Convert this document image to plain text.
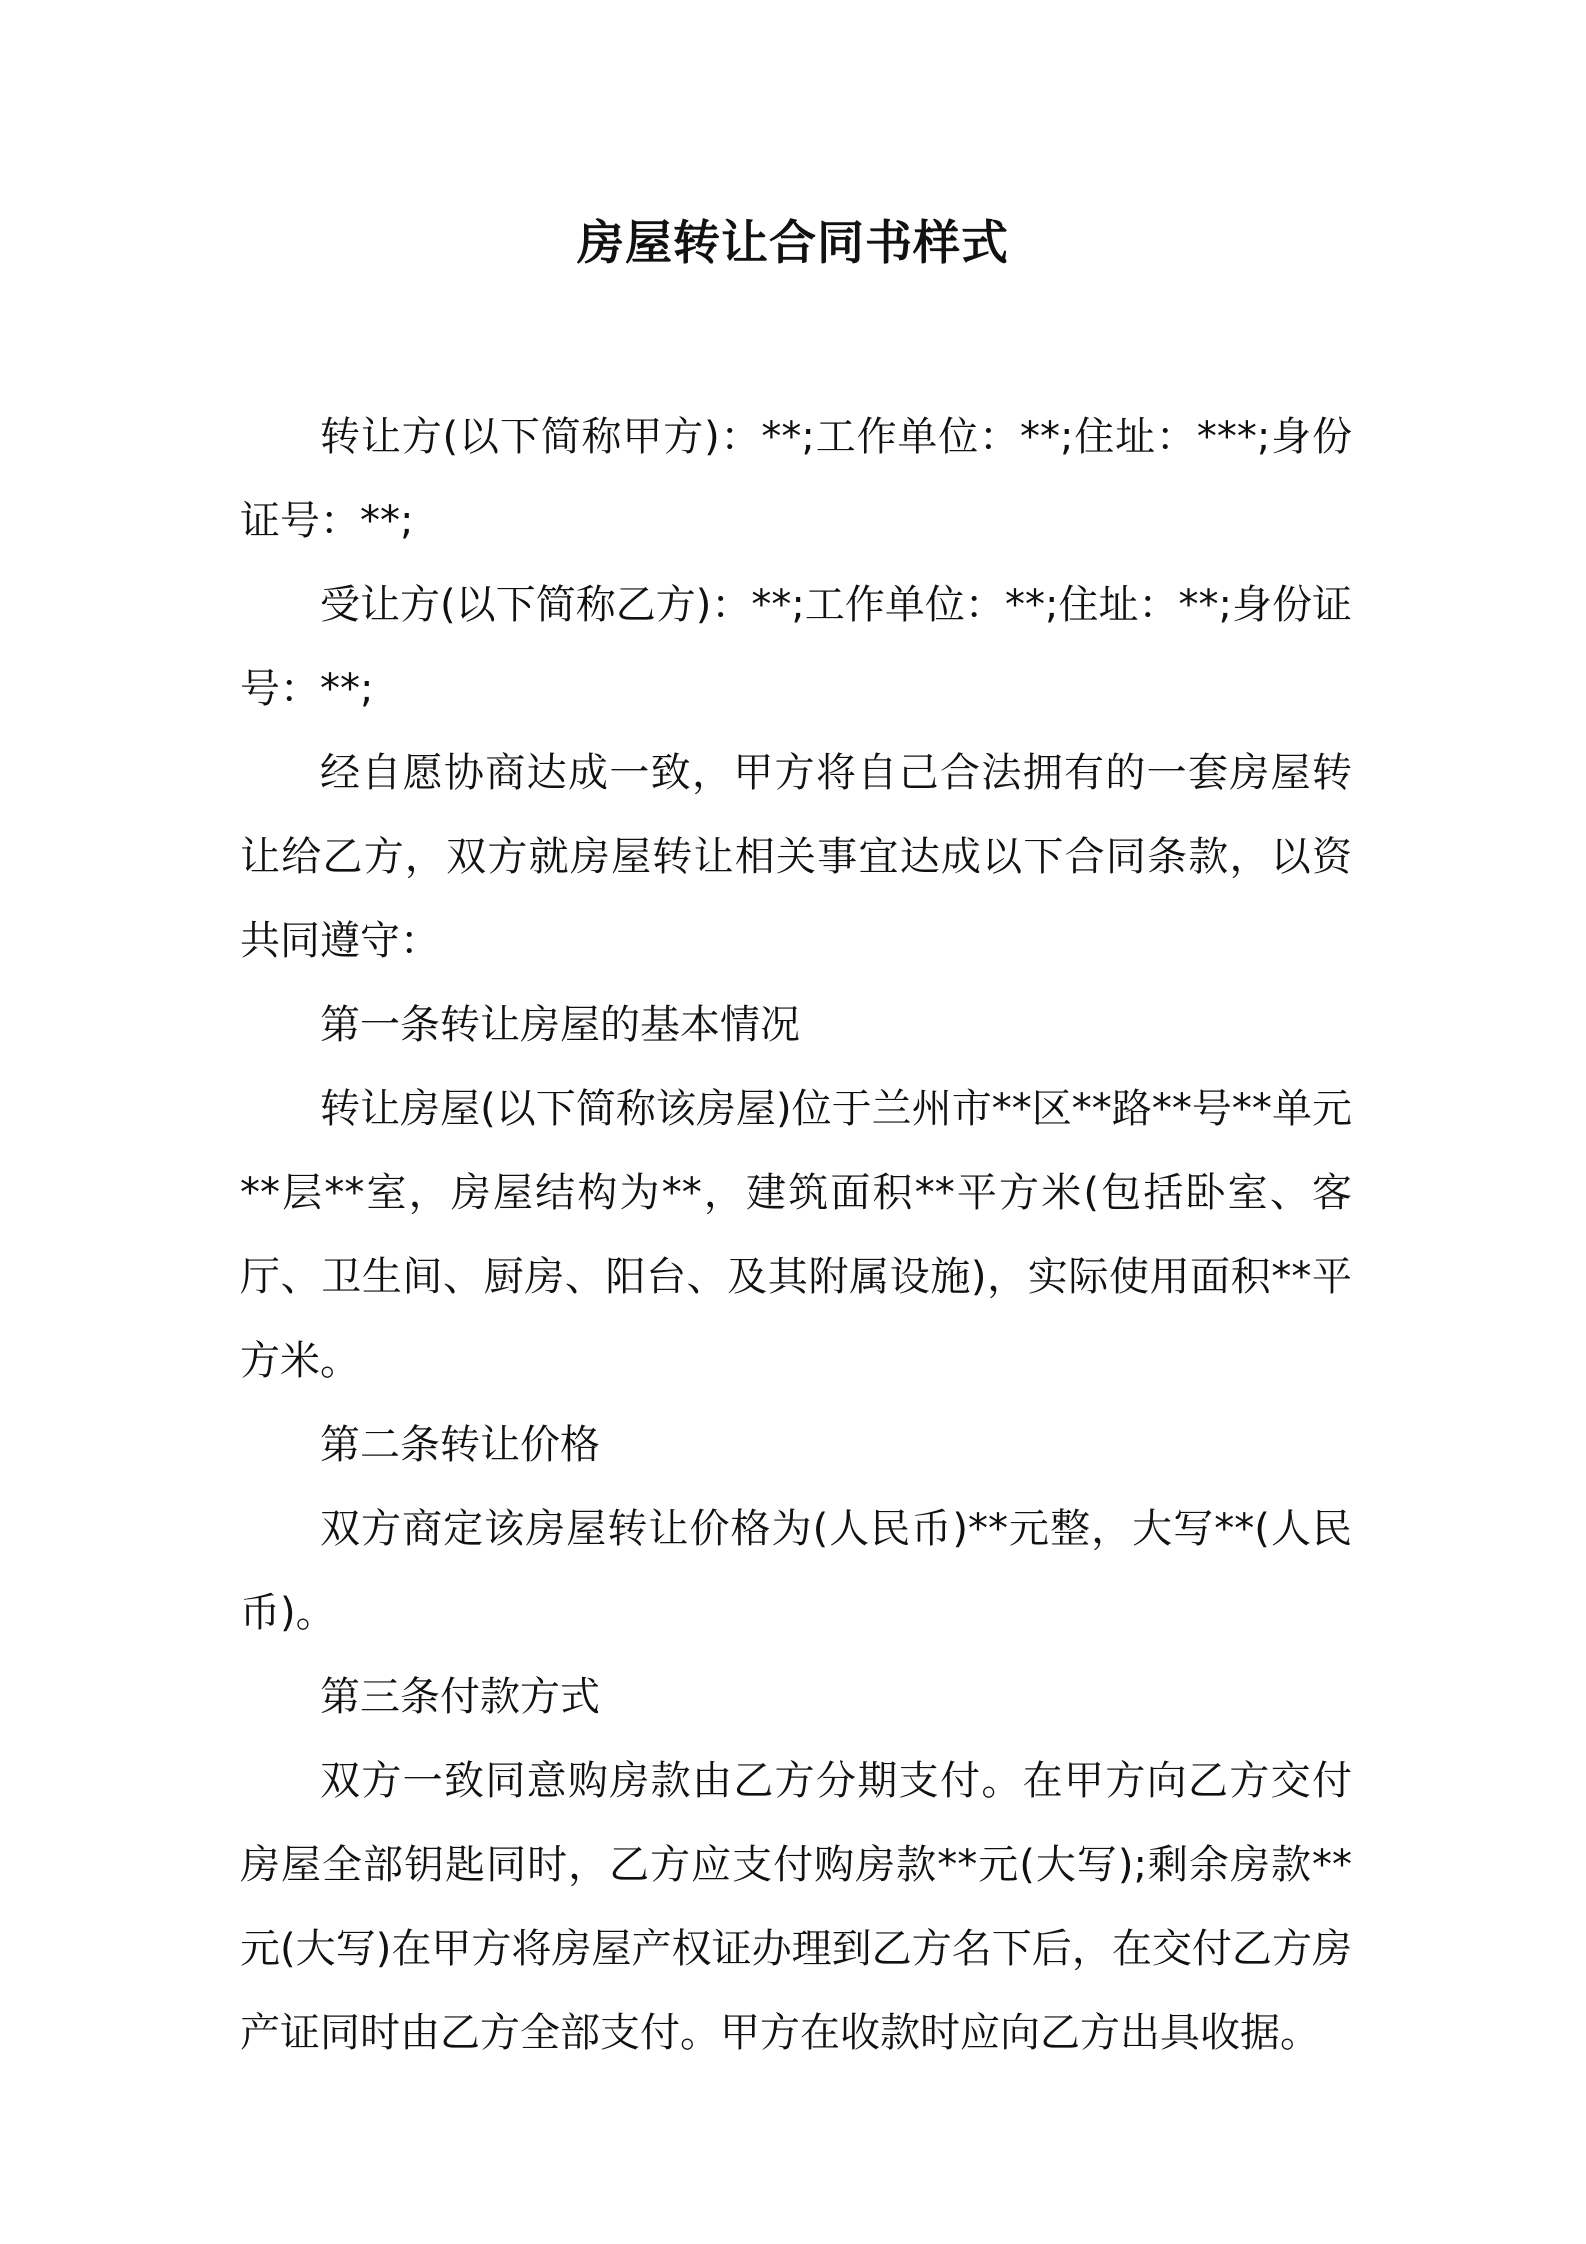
房屋转让合同书样式

转让方(以下简称甲方)：**;工作单位：**;住址：***;身份证号：**;

受让方(以下简称乙方)：**;工作单位：**;住址：**;身份证号：**;

经自愿协商达成一致，甲方将自己合法拥有的一套房屋转让给乙方，双方就房屋转让相关事宜达成以下合同条款，以资共同遵守：

第一条转让房屋的基本情况

转让房屋(以下简称该房屋)位于兰州市**区**路**号**单元**层**室，房屋结构为**，建筑面积**平方米(包括卧室、客厅、卫生间、厨房、阳台、及其附属设施)，实际使用面积**平方米。

第二条转让价格

双方商定该房屋转让价格为(人民币)**元整，大写**(人民币)。

第三条付款方式

双方一致同意购房款由乙方分期支付。在甲方向乙方交付房屋全部钥匙同时，乙方应支付购房款**元(大写);剩余房款**元(大写)在甲方将房屋产权证办理到乙方名下后，在交付乙方房产证同时由乙方全部支付。甲方在收款时应向乙方出具收据。
